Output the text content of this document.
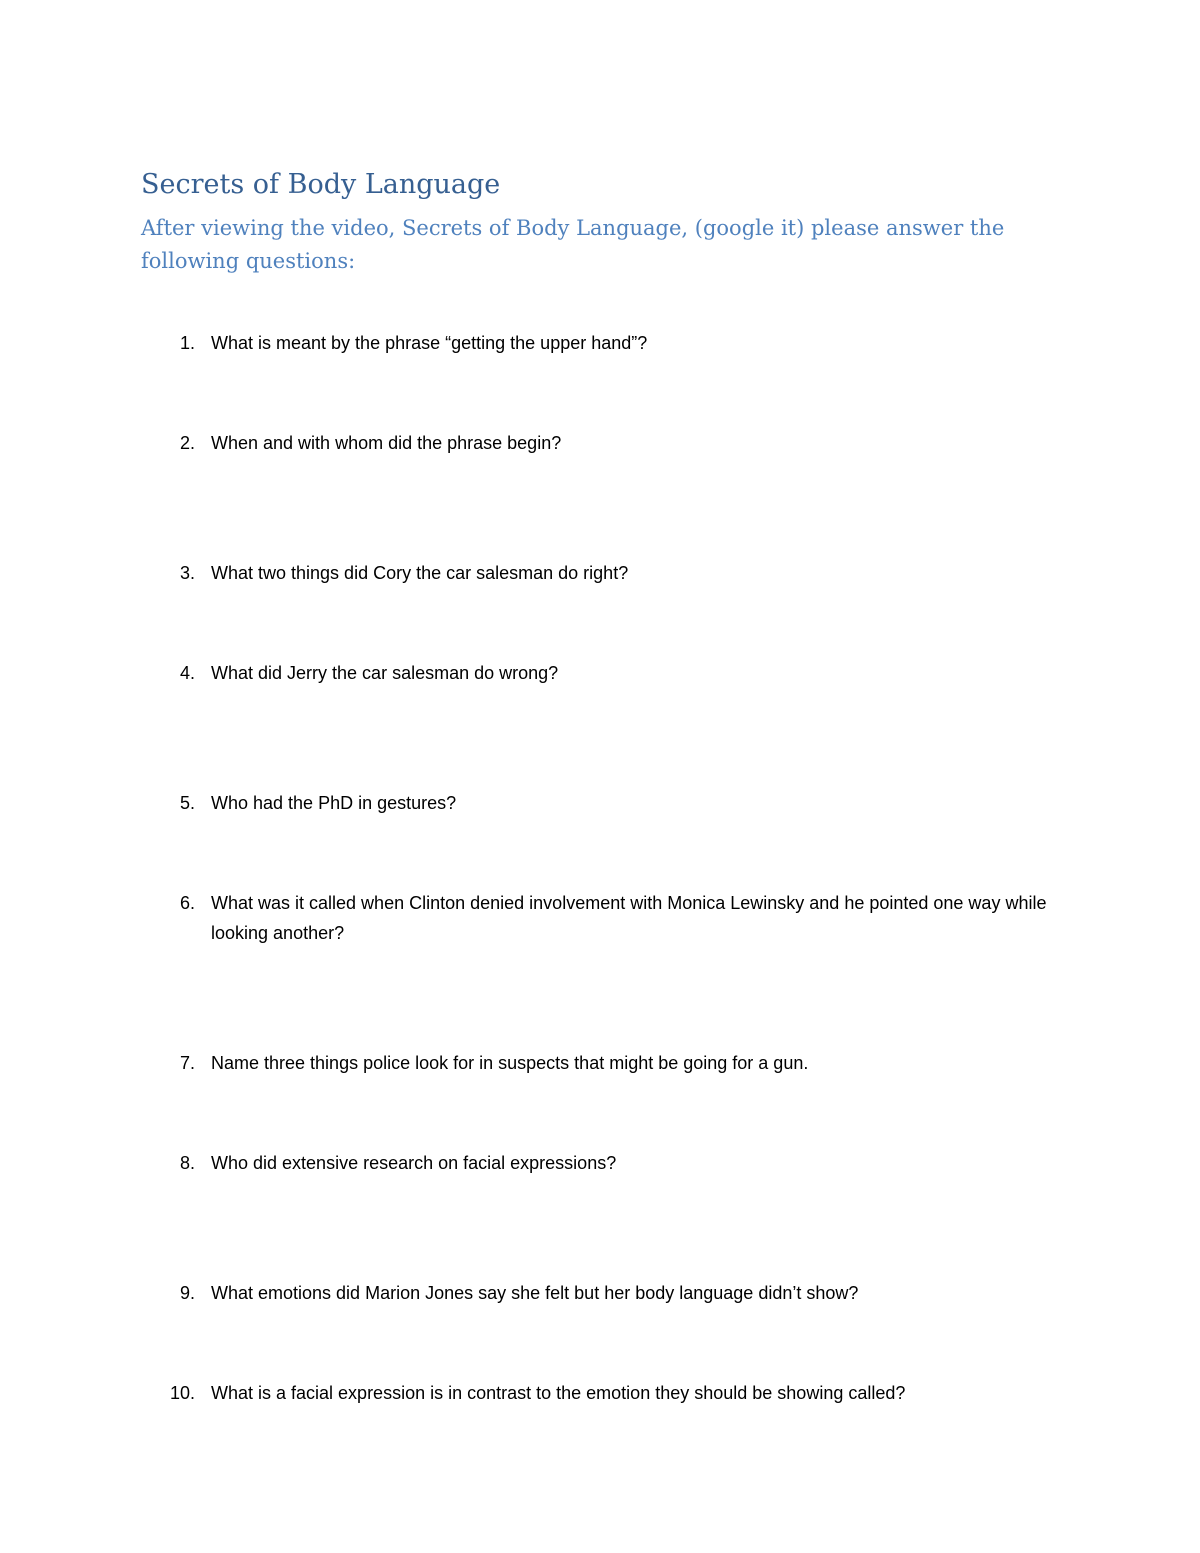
Secrets of Body Language

After viewing the video, Secrets of Body Language, (google it) please answer the following questions:

1. What is meant by the phrase “getting the upper hand”?
2. When and with whom did the phrase begin?
3. What two things did Cory the car salesman do right?
4. What did Jerry the car salesman do wrong?
5. Who had the PhD in gestures?
6. What was it called when Clinton denied involvement with Monica Lewinsky and he pointed one way while looking another?
7. Name three things police look for in suspects that might be going for a gun.
8. Who did extensive research on facial expressions?
9. What emotions did Marion Jones say she felt but her body language didn’t show?
10. What is a facial expression is in contrast to the emotion they should be showing called?
